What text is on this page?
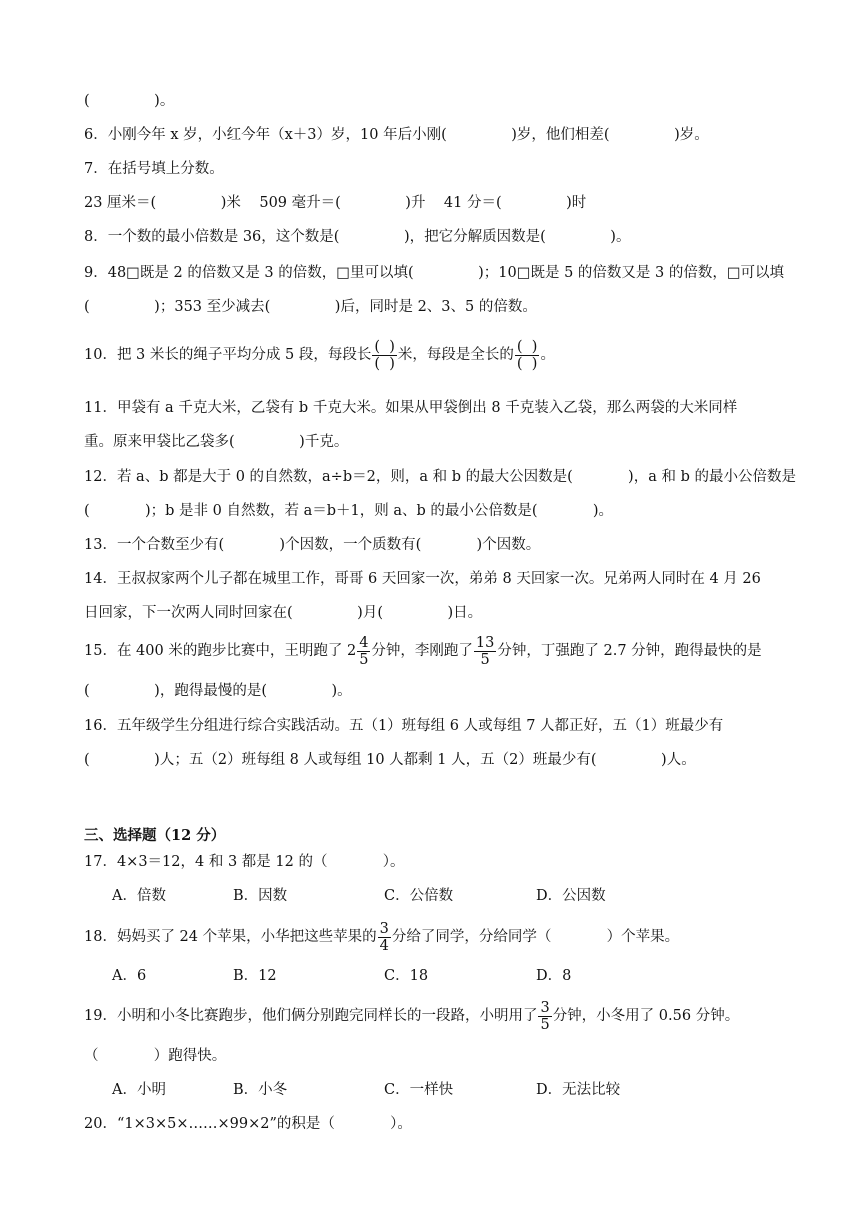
(              )。
6．小刚今年 x 岁，小红今年（x＋3）岁，10 年后小刚(              )岁，他们相差(              )岁。
7．在括号填上分数。
23 厘米＝(              )米    509 毫升＝(              )升    41 分＝(              )时
8．一个数的最小倍数是 36，这个数是(              )，把它分解质因数是(              )。
9．48□既是 2 的倍数又是 3 的倍数，□里可以填(              )；10□既是 5 的倍数又是 3 的倍数，□可以填
(              )；353 至少减去(              )后，同时是 2、3、5 的倍数。
10．把 3 米长的绳子平均分成 5 段，每段长 $\frac{( )}{( )}$ 米，每段是全长的 $\frac{( )}{( )}$ 。
11．甲袋有 a 千克大米，乙袋有 b 千克大米。如果从甲袋倒出 8 千克装入乙袋，那么两袋的大米同样
重。原来甲袋比乙袋多(              )千克。
12．若 a、b 都是大于 0 的自然数，a÷b＝2，则，a 和 b 的最大公因数是(            )，a 和 b 的最小公倍数是
(            )；b 是非 0 自然数，若 a＝b＋1，则 a、b 的最小公倍数是(            )。
13．一个合数至少有(            )个因数，一个质数有(            )个因数。
14．王叔叔家两个儿子都在城里工作，哥哥 6 天回家一次，弟弟 8 天回家一次。兄弟两人同时在 4 月 26
日回家，下一次两人同时回家在(              )月(              )日。
15．在 400 米的跑步比赛中，王明跑了 $2 \frac{4}{5}$ 分钟，李刚跑了 $\frac{13}{5}$ 分钟，丁强跑了 2.7 分钟，跑得最快的是
(              )，跑得最慢的是(              )。
16．五年级学生分组进行综合实践活动。五（1）班每组 6 人或每组 7 人都正好，五（1）班最少有
(              )人；五（2）班每组 8 人或每组 10 人都剩 1 人，五（2）班最少有(              )人。
三、选择题（12 分）
17．4×3＝12，4 和 3 都是 12 的（            ）。
A．倍数	B．因数	C．公倍数	D．公因数
18．妈妈买了 24 个苹果，小华把这些苹果的 $\frac{3}{4}$ 分给了同学，分给同学（            ）个苹果。
A．6	B．12	C．18	D．8
19．小明和小冬比赛跑步，他们俩分别跑完同样长的一段路，小明用了 $\frac{3}{5}$ 分钟，小冬用了 0.56 分钟。
（            ）跑得快。
A．小明	B．小冬	C．一样快	D．无法比较
20．“1×3×5×……×99×2”的积是（            ）。
